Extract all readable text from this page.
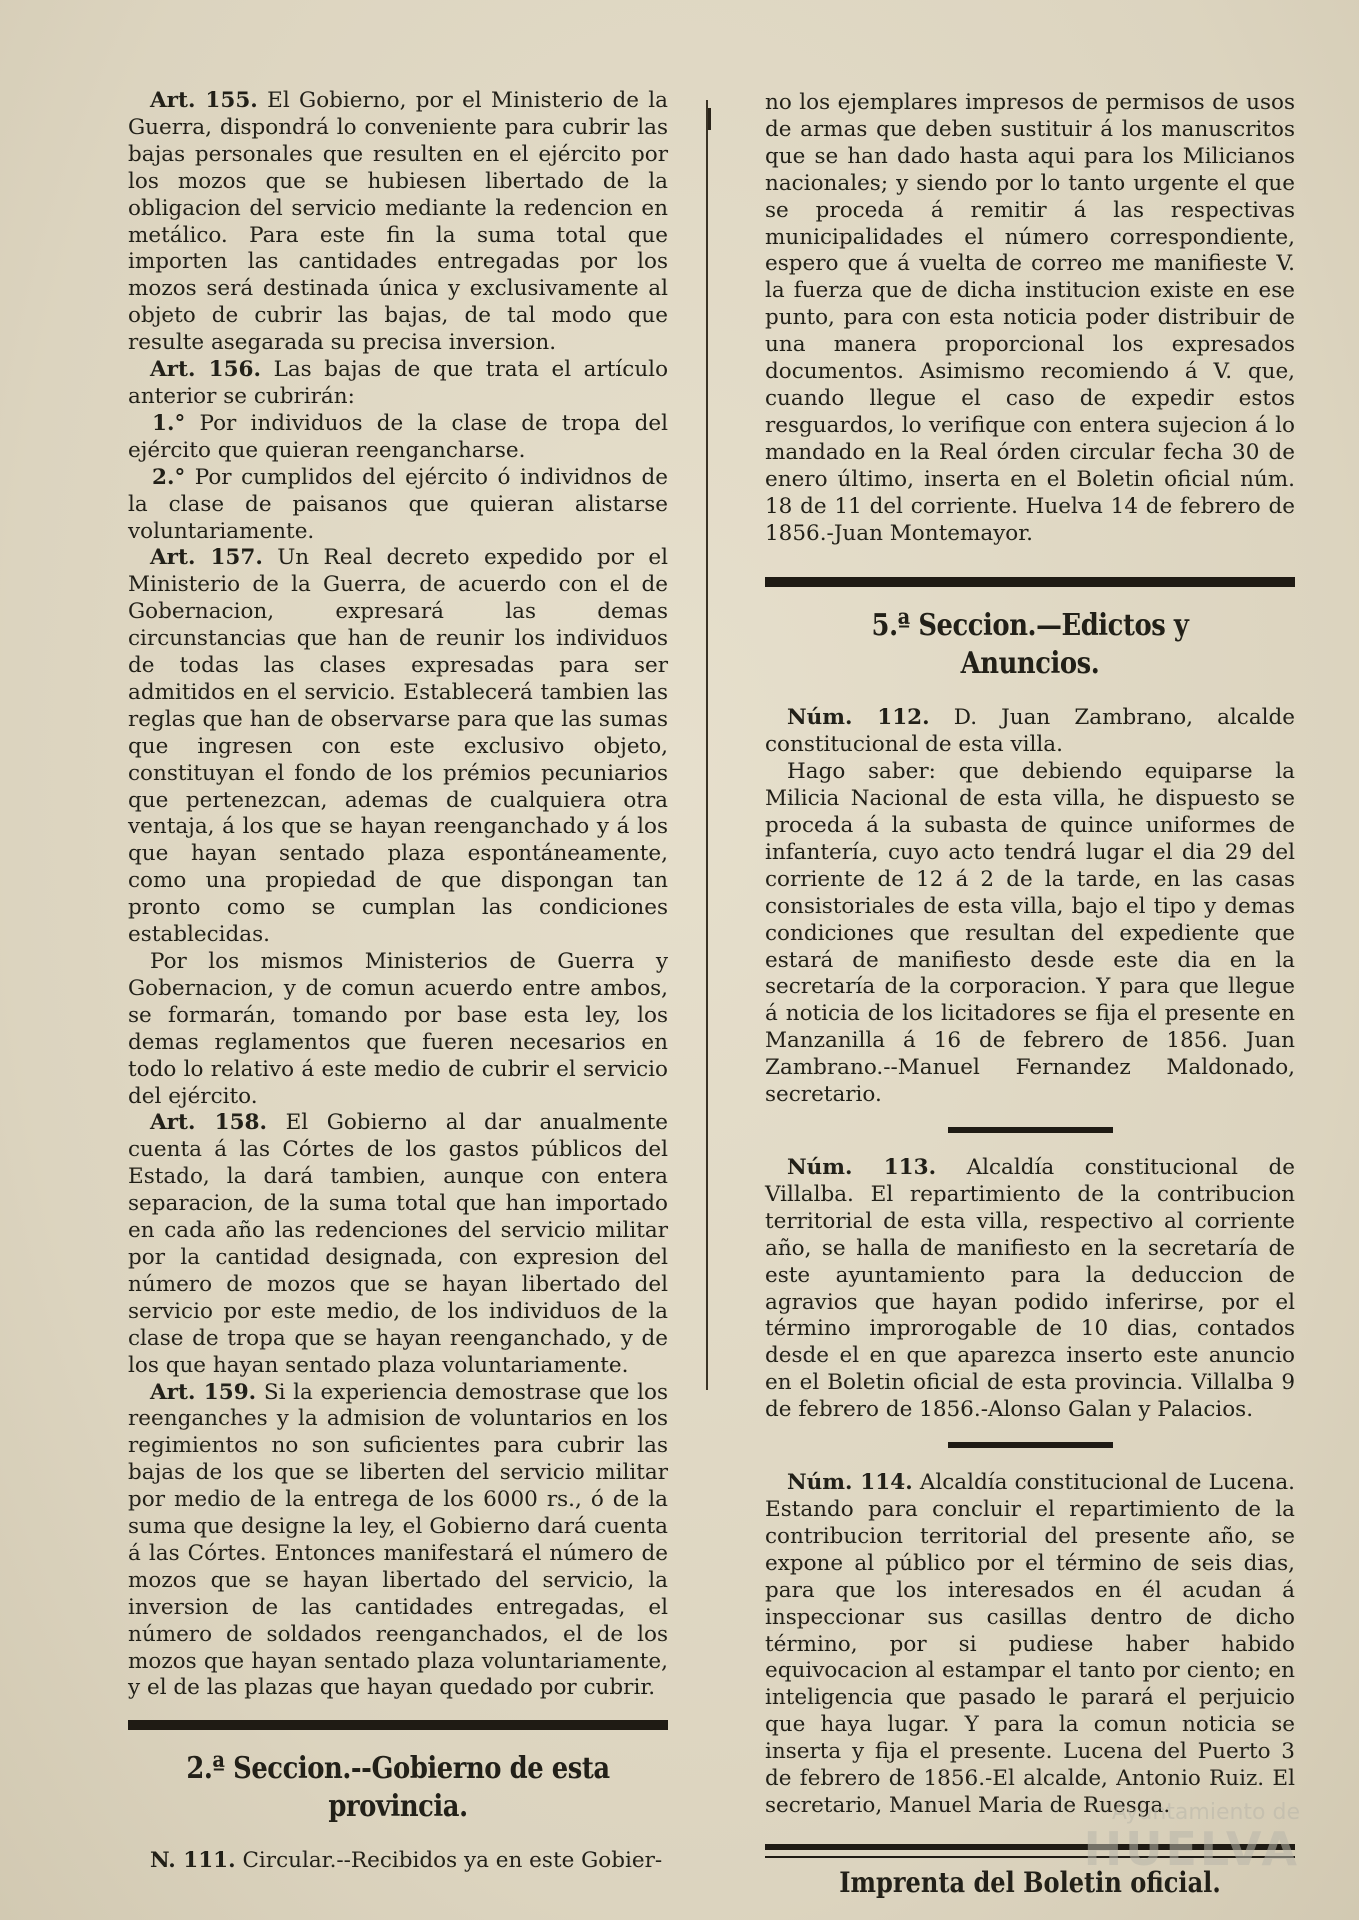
Art. 155. El Gobierno, por el Ministerio de la Guerra, dispondrá lo conveniente para cubrir las bajas personales que resulten en el ejército por los mozos que se hubiesen libertado de la obligacion del servicio mediante la redencion en metálico. Para este fin la suma total que importen las cantidades entregadas por los mozos será destinada única y exclusivamente al objeto de cubrir las bajas, de tal modo que resulte asegarada su precisa inversion.

Art. 156. Las bajas de que trata el artículo anterior se cubrirán:

1.° Por individuos de la clase de tropa del ejército que quieran reengancharse.

2.° Por cumplidos del ejército ó individnos de la clase de paisanos que quieran alistarse voluntariamente.

Art. 157. Un Real decreto expedido por el Ministerio de la Guerra, de acuerdo con el de Gobernacion, expresará las demas circunstancias que han de reunir los individuos de todas las clases expresadas para ser admitidos en el servicio. Establecerá tambien las reglas que han de observarse para que las sumas que ingresen con este exclusivo objeto, constituyan el fondo de los prémios pecuniarios que pertenezcan, ademas de cualquiera otra ventaja, á los que se hayan reenganchado y á los que hayan sentado plaza espontáneamente, como una propiedad de que dispongan tan pronto como se cumplan las condiciones establecidas.

Por los mismos Ministerios de Guerra y Gobernacion, y de comun acuerdo entre ambos, se formarán, tomando por base esta ley, los demas reglamentos que fueren necesarios en todo lo relativo á este medio de cubrir el servicio del ejército.

Art. 158. El Gobierno al dar anualmente cuenta á las Córtes de los gastos públicos del Estado, la dará tambien, aunque con entera separacion, de la suma total que han importado en cada año las redenciones del servicio militar por la cantidad designada, con expresion del número de mozos que se hayan libertado del servicio por este medio, de los individuos de la clase de tropa que se hayan reenganchado, y de los que hayan sentado plaza voluntariamente.

Art. 159. Si la experiencia demostrase que los reenganches y la admision de voluntarios en los regimientos no son suficientes para cubrir las bajas de los que se liberten del servicio militar por medio de la entrega de los 6000 rs., ó de la suma que designe la ley, el Gobierno dará cuenta á las Córtes. Entonces manifestará el número de mozos que se hayan libertado del servicio, la inversion de las cantidades entregadas, el número de soldados reenganchados, el de los mozos que hayan sentado plaza voluntariamente, y el de las plazas que hayan quedado por cubrir.

2.ª Seccion.--Gobierno de esta provincia.

N. 111. Circular.--Recibidos ya en este Gobier-

no los ejemplares impresos de permisos de usos de armas que deben sustituir á los manuscritos que se han dado hasta aqui para los Milicianos nacionales; y siendo por lo tanto urgente el que se proceda á remitir á las respectivas municipalidades el número correspondiente, espero que á vuelta de correo me manifieste V. la fuerza que de dicha institucion existe en ese punto, para con esta noticia poder distribuir de una manera proporcional los expresados documentos. Asimismo recomiendo á V. que, cuando llegue el caso de expedir estos resguardos, lo verifique con entera sujecion á lo mandado en la Real órden circular fecha 30 de enero último, inserta en el Boletin oficial núm. 18 de 11 del corriente. Huelva 14 de febrero de 1856.-Juan Montemayor.

5.ª Seccion.—Edictos y Anuncios.

Núm. 112. D. Juan Zambrano, alcalde constitucional de esta villa.

Hago saber: que debiendo equiparse la Milicia Nacional de esta villa, he dispuesto se proceda á la subasta de quince uniformes de infantería, cuyo acto tendrá lugar el dia 29 del corriente de 12 á 2 de la tarde, en las casas consistoriales de esta villa, bajo el tipo y demas condiciones que resultan del expediente que estará de manifiesto desde este dia en la secretaría de la corporacion. Y para que llegue á noticia de los licitadores se fija el presente en Manzanilla á 16 de febrero de 1856. Juan Zambrano.--Manuel Fernandez Maldonado, secretario.

Núm. 113. Alcaldía constitucional de Villalba. El repartimiento de la contribucion territorial de esta villa, respectivo al corriente año, se halla de manifiesto en la secretaría de este ayuntamiento para la deduccion de agravios que hayan podido inferirse, por el término improrogable de 10 dias, contados desde el en que aparezca inserto este anuncio en el Boletin oficial de esta provincia. Villalba 9 de febrero de 1856.-Alonso Galan y Palacios.

Núm. 114. Alcaldía constitucional de Lucena. Estando para concluir el repartimiento de la contribucion territorial del presente año, se expone al público por el término de seis dias, para que los interesados en él acudan á inspeccionar sus casillas dentro de dicho término, por si pudiese haber habido equivocacion al estampar el tanto por ciento; en inteligencia que pasado le parará el perjuicio que haya lugar. Y para la comun noticia se inserta y fija el presente. Lucena del Puerto 3 de febrero de 1856.-El alcalde, Antonio Ruiz. El secretario, Manuel Maria de Ruesga.

Imprenta del Boletin oficial.

Ayuntamiento de
HUELVA
